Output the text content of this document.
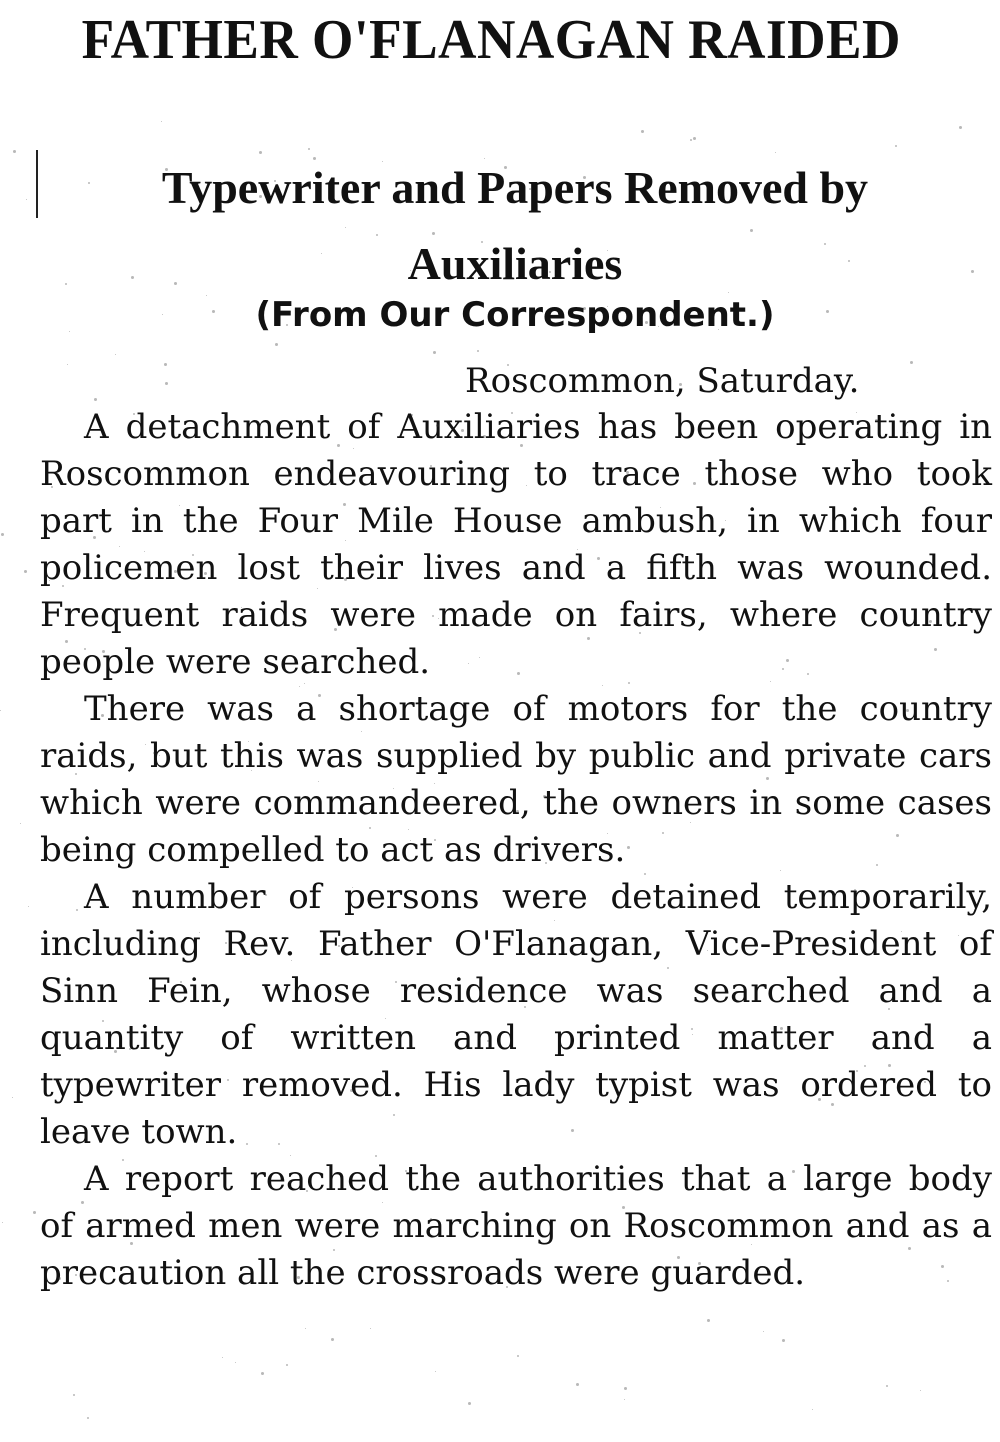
FATHER O'FLANAGAN RAIDED
Typewriter and Papers Removed by
Auxiliaries
(From Our Correspondent.)
Roscommon, Saturday.

A detachment of Auxiliaries has been operating in Roscommon endeavouring to trace those who took part in the Four Mile House ambush, in which four policemen lost their lives and a fifth was wounded. Frequent raids were made on fairs, where country people were searched.

There was a shortage of motors for the country raids, but this was supplied by public and private cars which were commandeered, the owners in some cases being compelled to act as drivers.

A number of persons were detained temporarily, including Rev. Father O'Flanagan, Vice-President of Sinn Fein, whose residence was searched and a quantity of written and printed matter and a typewriter removed. His lady typist was ordered to leave town.

A report reached the authorities that a large body of armed men were marching on Roscommon and as a precaution all the crossroads were guarded.
